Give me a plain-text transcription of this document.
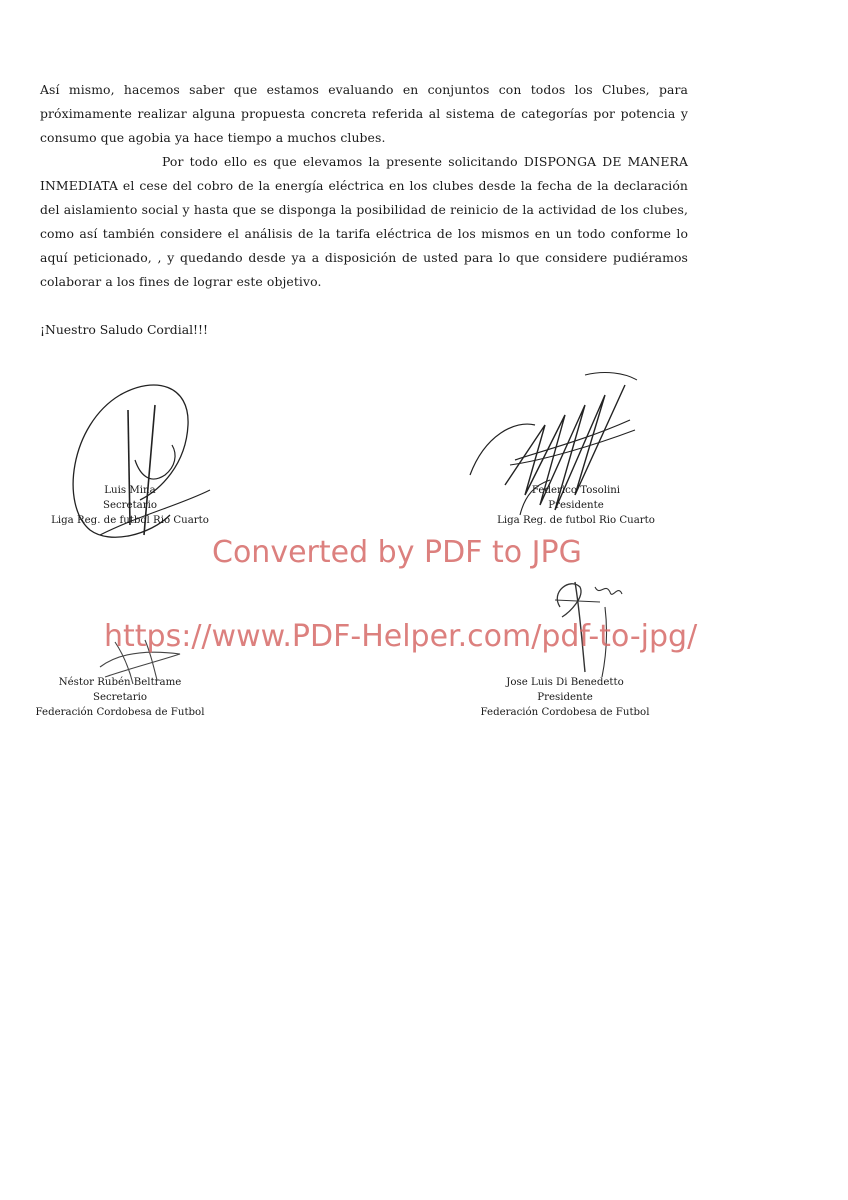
Así mismo, hacemos saber que estamos evaluando en conjuntos con todos los Clubes, para próximamente realizar alguna propuesta concreta referida al sistema de categorías por potencia y consumo que agobia ya hace tiempo a muchos clubes.

Por todo ello es que elevamos la presente solicitando DISPONGA DE MANERA INMEDIATA el cese del cobro de la energía eléctrica en los clubes desde la fecha de la declaración del aislamiento social y hasta que se disponga la posibilidad de reinicio de la actividad de los clubes, como así también considere el análisis de la tarifa eléctrica de los mismos en un todo conforme lo aquí peticionado, , y quedando desde ya a disposición de usted para lo que considere pudiéramos colaborar a los fines de lograr este objetivo.

¡Nuestro Saludo Cordial!!!

Luis Mina
Secretario
Liga Reg. de futbol Rio Cuarto
Federico Tosolini
Presidente
Liga Reg. de futbol Rio Cuarto
Néstor Rubén Beltrame
Secretario
Federación Cordobesa de Futbol
Jose Luis Di Benedetto
Presidente
Federación Cordobesa de Futbol
Converted by PDF to JPG
https://www.PDF-Helper.com/pdf-to-jpg/
